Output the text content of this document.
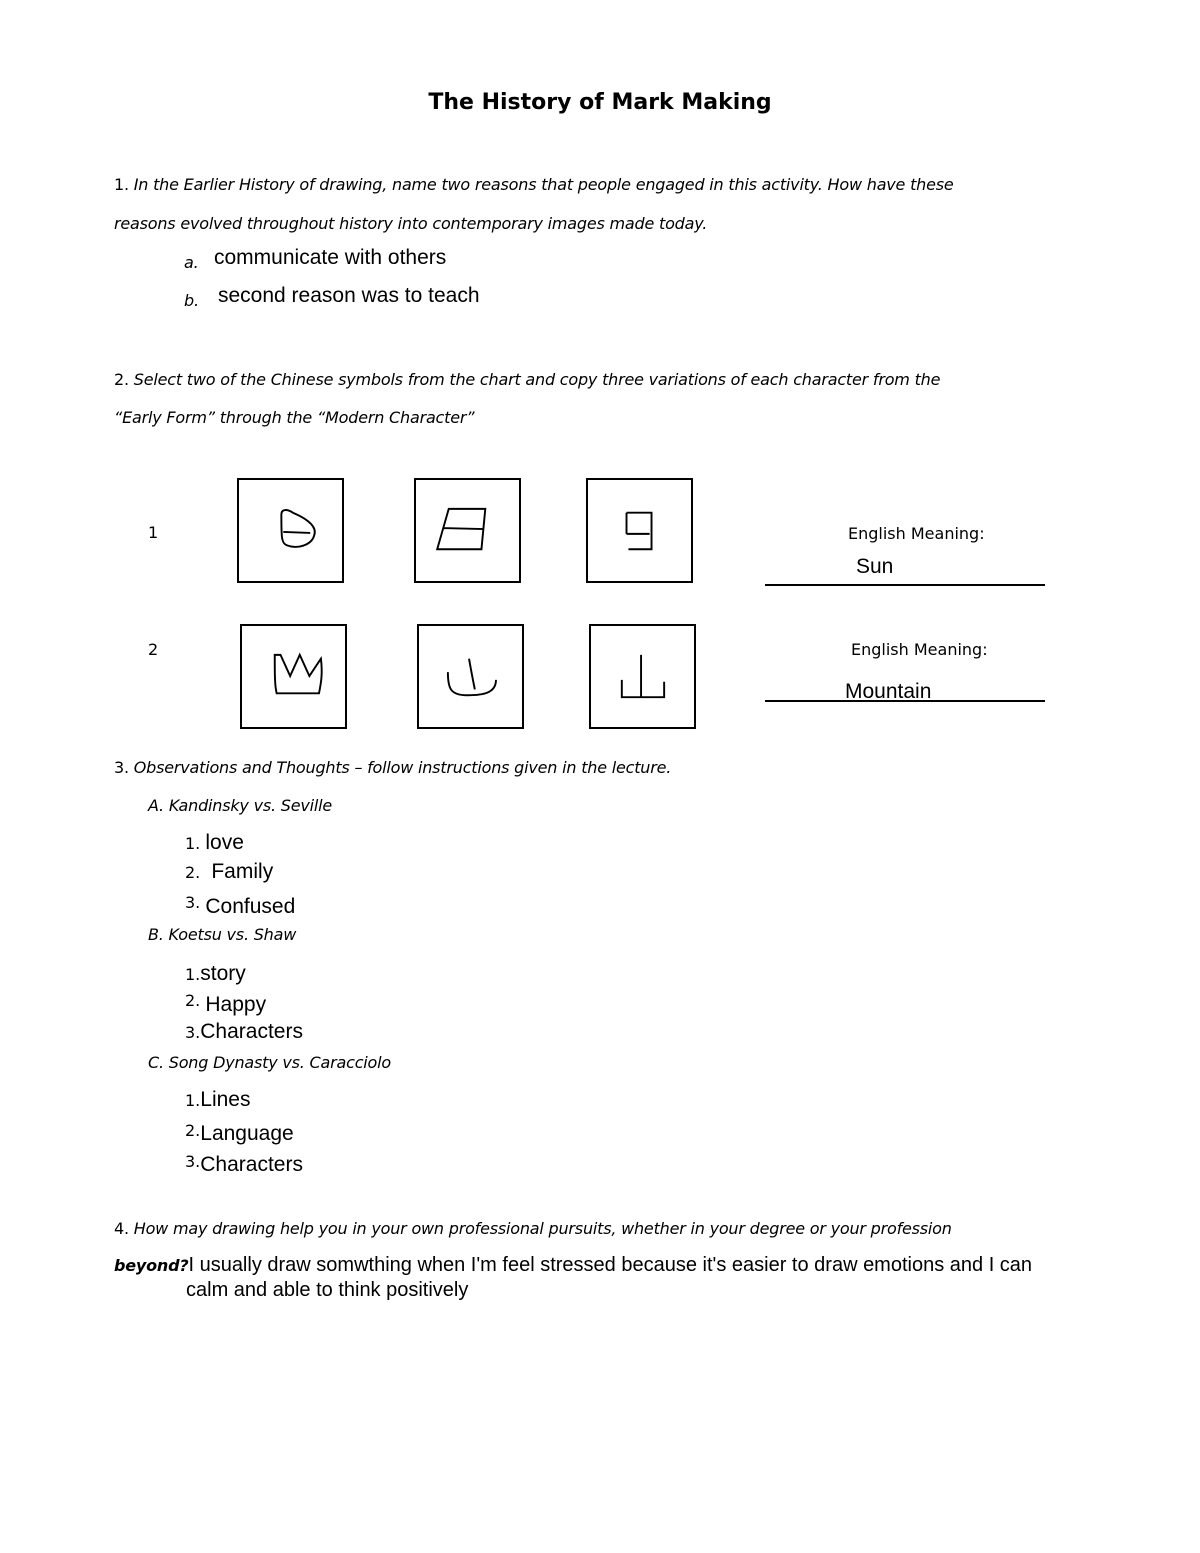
The History of Mark Making
1. In the Earlier History of drawing, name two reasons that people engaged in this activity. How have these
reasons evolved throughout history into contemporary images made today.
a. communicate with others
b. second reason was to teach
2. Select two of the Chinese symbols from the chart and copy three variations of each character from the
“Early Form” through the “Modern Character”
1	English Meaning:
Sun
2	English Meaning:
Mountain
3. Observations and Thoughts – follow instructions given in the lecture.
A. Kandinsky vs. Seville
1. love
2. Family
3. Confused
B. Koetsu vs. Shaw
1.story
2. Happy
3.Characters
C. Song Dynasty vs. Caracciolo
1.Lines
2.Language
3.Characters
4. How may drawing help you in your own professional pursuits, whether in your degree or your profession
beyond?I usually draw somwthing when I'm feel stressed because it's easier to draw emotions and I can
calm and able to think positively
